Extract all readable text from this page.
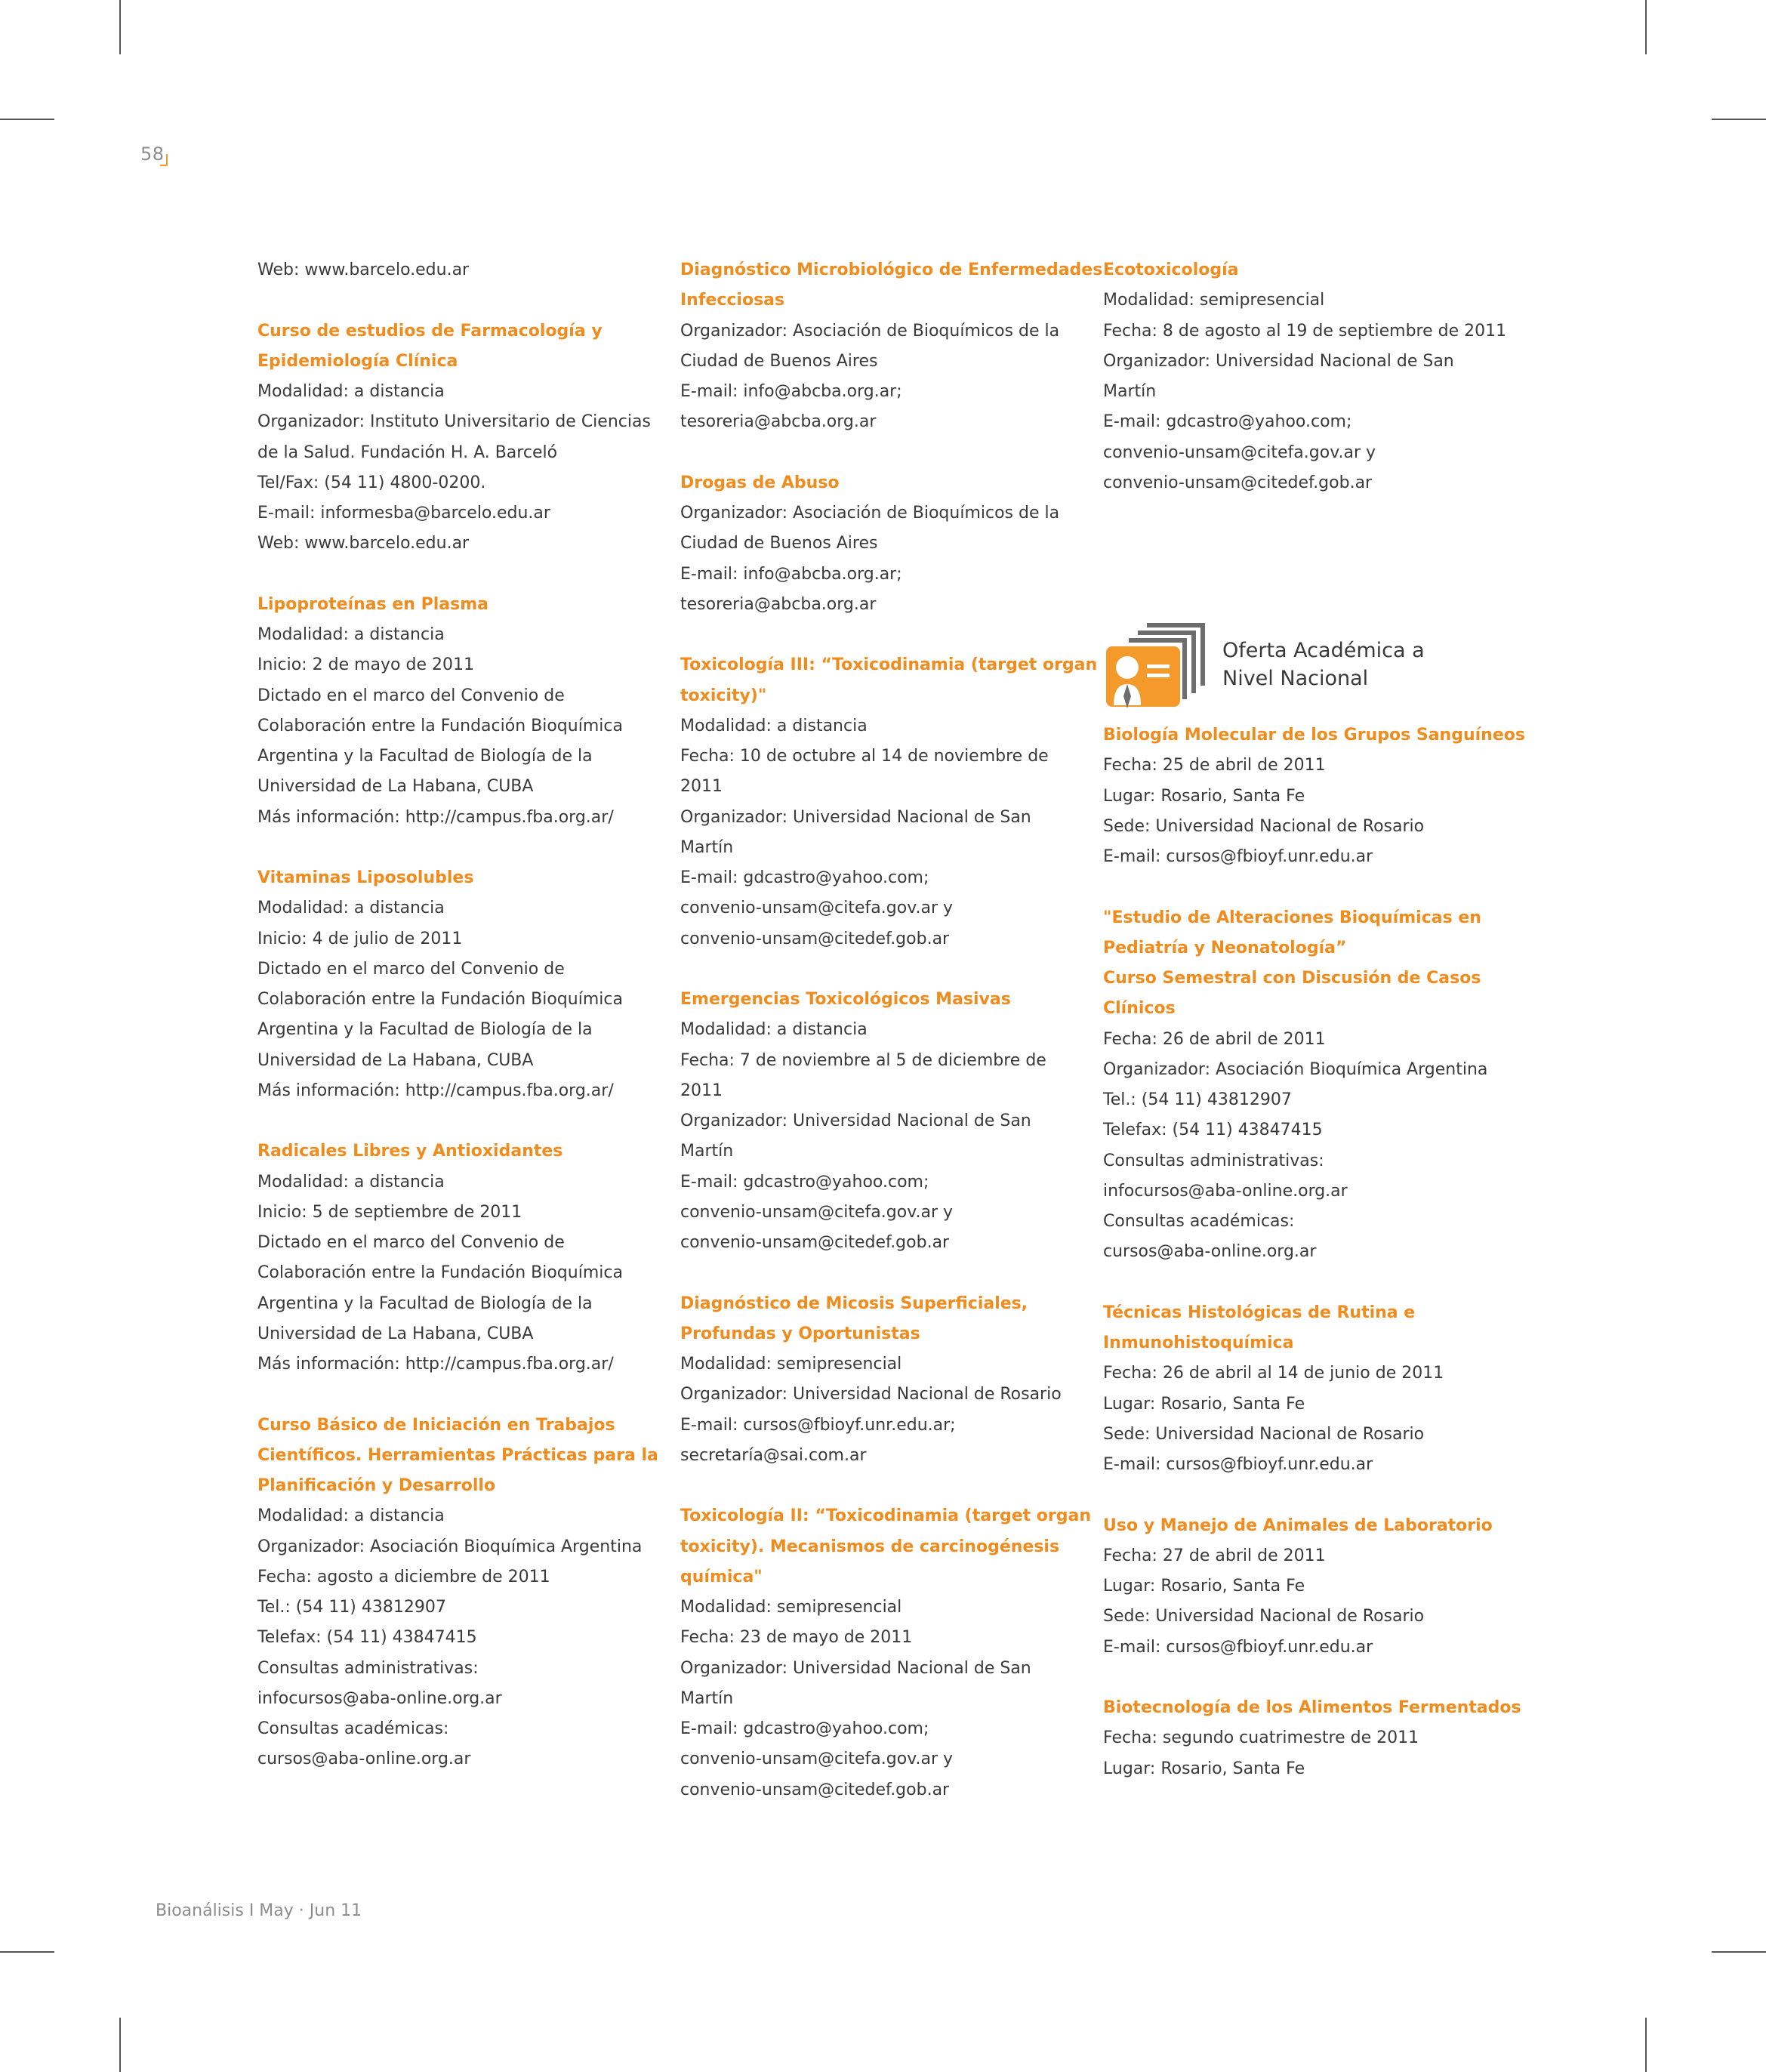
58

Web: www.barcelo.edu.ar

Curso de estudios de Farmacología y

Epidemiología Clínica

Modalidad: a distancia

Organizador: Instituto Universitario de Ciencias

de la Salud. Fundación H. A. Barceló

Tel/Fax: (54 11) 4800-0200.

E-mail: informesba@barcelo.edu.ar

Web: www.barcelo.edu.ar

Lipoproteínas en Plasma

Modalidad: a distancia

Inicio: 2 de mayo de 2011

Dictado en el marco del Convenio de

Colaboración entre la Fundación Bioquímica

Argentina y la Facultad de Biología de la

Universidad de La Habana, CUBA

Más información: http://campus.fba.org.ar/

Vitaminas Liposolubles

Modalidad: a distancia

Inicio: 4 de julio de 2011

Dictado en el marco del Convenio de

Colaboración entre la Fundación Bioquímica

Argentina y la Facultad de Biología de la

Universidad de La Habana, CUBA

Más información: http://campus.fba.org.ar/

Radicales Libres y Antioxidantes

Modalidad: a distancia

Inicio: 5 de septiembre de 2011

Dictado en el marco del Convenio de

Colaboración entre la Fundación Bioquímica

Argentina y la Facultad de Biología de la

Universidad de La Habana, CUBA

Más información: http://campus.fba.org.ar/

Curso Básico de Iniciación en Trabajos

Científicos. Herramientas Prácticas para la

Planificación y Desarrollo

Modalidad: a distancia

Organizador: Asociación Bioquímica Argentina

Fecha: agosto a diciembre de 2011

Tel.: (54 11) 43812907

Telefax: (54 11) 43847415

Consultas administrativas:

infocursos@aba-online.org.ar

Consultas académicas:

cursos@aba-online.org.ar

Diagnóstico Microbiológico de Enfermedades

Infecciosas

Organizador: Asociación de Bioquímicos de la

Ciudad de Buenos Aires

E-mail: info@abcba.org.ar;

tesoreria@abcba.org.ar

Drogas de Abuso

Organizador: Asociación de Bioquímicos de la

Ciudad de Buenos Aires

E-mail: info@abcba.org.ar;

tesoreria@abcba.org.ar

Toxicología III: “Toxicodinamia (target organ

toxicity)"

Modalidad: a distancia

Fecha: 10 de octubre al 14 de noviembre de

2011

Organizador: Universidad Nacional de San

Martín

E-mail: gdcastro@yahoo.com;

convenio-unsam@citefa.gov.ar y

convenio-unsam@citedef.gob.ar

Emergencias Toxicológicos Masivas

Modalidad: a distancia

Fecha: 7 de noviembre al 5 de diciembre de

2011

Organizador: Universidad Nacional de San

Martín

E-mail: gdcastro@yahoo.com;

convenio-unsam@citefa.gov.ar y

convenio-unsam@citedef.gob.ar

Diagnóstico de Micosis Superficiales,

Profundas y Oportunistas

Modalidad: semipresencial

Organizador: Universidad Nacional de Rosario

E-mail: cursos@fbioyf.unr.edu.ar;

secretaría@sai.com.ar

Toxicología II: “Toxicodinamia (target organ

toxicity). Mecanismos de carcinogénesis

química"

Modalidad: semipresencial

Fecha: 23 de mayo de 2011

Organizador: Universidad Nacional de San

Martín

E-mail: gdcastro@yahoo.com;

convenio-unsam@citefa.gov.ar y

convenio-unsam@citedef.gob.ar

Ecotoxicología

Modalidad: semipresencial

Fecha: 8 de agosto al 19 de septiembre de 2011

Organizador: Universidad Nacional de San

Martín

E-mail: gdcastro@yahoo.com;

convenio-unsam@citefa.gov.ar y

convenio-unsam@citedef.gob.ar

Oferta Académica a Nivel Nacional

Biología Molecular de los Grupos Sanguíneos

Fecha: 25 de abril de 2011

Lugar: Rosario, Santa Fe

Sede: Universidad Nacional de Rosario

E-mail: cursos@fbioyf.unr.edu.ar

"Estudio de Alteraciones Bioquímicas en

Pediatría y Neonatología”

Curso Semestral con Discusión de Casos

Clínicos

Fecha: 26 de abril de 2011

Organizador: Asociación Bioquímica Argentina

Tel.: (54 11) 43812907

Telefax: (54 11) 43847415

Consultas administrativas:

infocursos@aba-online.org.ar

Consultas académicas:

cursos@aba-online.org.ar

Técnicas Histológicas de Rutina e

Inmunohistoquímica

Fecha: 26 de abril al 14 de junio de 2011

Lugar: Rosario, Santa Fe

Sede: Universidad Nacional de Rosario

E-mail: cursos@fbioyf.unr.edu.ar

Uso y Manejo de Animales de Laboratorio

Fecha: 27 de abril de 2011

Lugar: Rosario, Santa Fe

Sede: Universidad Nacional de Rosario

E-mail: cursos@fbioyf.unr.edu.ar

Biotecnología de los Alimentos Fermentados

Fecha: segundo cuatrimestre de 2011

Lugar: Rosario, Santa Fe

Bioanálisis I May · Jun 11
